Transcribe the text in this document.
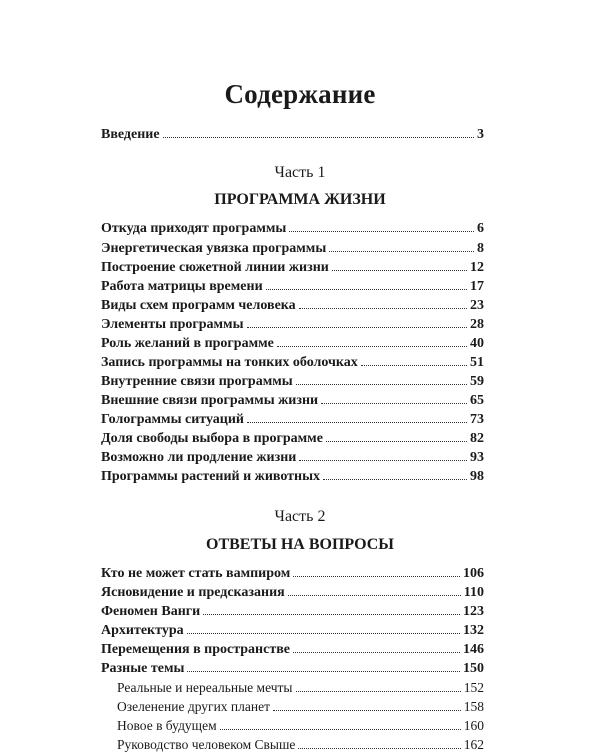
Содержание
Введение	3
Часть 1
ПРОГРАММА ЖИЗНИ
Откуда приходят программы	6
Энергетическая увязка программы	8
Построение сюжетной линии жизни	12
Работа матрицы времени	17
Виды схем программ человека	23
Элементы программы	28
Роль желаний в программе	40
Запись программы на тонких оболочках	51
Внутренние связи программы	59
Внешние связи программы жизни	65
Голограммы ситуаций	73
Доля свободы выбора в программе	82
Возможно ли продление жизни	93
Программы растений и животных	98
Часть 2
ОТВЕТЫ НА ВОПРОСЫ
Кто не может стать вампиром	106
Ясновидение и предсказания	110
Феномен Ванги	123
Архитектура	132
Перемещения в пространстве	146
Разные темы	150
Реальные и нереальные мечты	152
Озеленение других планет	158
Новое в будущем	160
Руководство человеком Свыше	162
